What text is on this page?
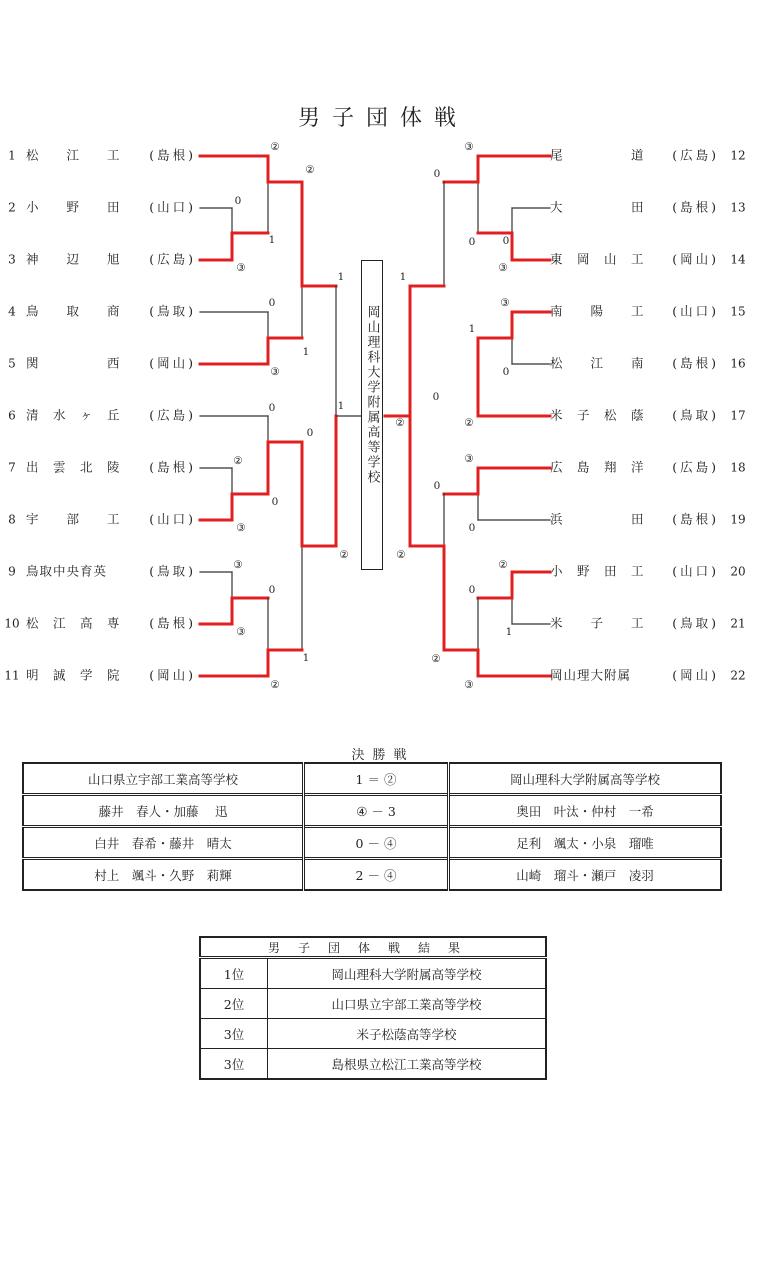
男子団体戦
1 松　　江　　工 (島根)
2 小　　野　　田 (山口)
3 神　　辺　　旭 (広島)
4 鳥　　取　　商 (鳥取)
5 関　　　　　西 (岡山)
6 清　水　ヶ　丘 (広島)
7 出　雲　北　陵 (島根)
8 宇　　部　　工 (山口)
9 鳥取中央育英	(鳥取)
10 松　江　高　専 (島根)
11 明　誠　学　院 (岡山)
尾　　　　　道 (広島) 12
大　　　　　田 (島根) 13
東　岡　山　工 (岡山) 14
南　　陽　　工 (山口) 15
松　　江　　南 (島根) 16
米　子　松　蔭 (鳥取) 17
広　島　翔　洋 (広島) 18
浜　　　　　田 (島根) 19
小　野　田　工 (山口) 20
米　　子　　工 (鳥取) 21
岡山理大附属	(岡山) 22
②
0
1
③
②
0
1
③
1
1
0
③
②
0
0
③
0
②
③
②
1
1
②
②
0
③
0
0
③
1
③
0
0
②
0
③
②
1
0
0
②
③
岡山理科大学附属高等学校
決勝戦
山口県立宇部工業高等学校	1 ＝ ②	岡山理科大学附属高等学校
藤井　春人・加藤　 迅	④ － 3	奥田　叶汰・仲村　一希
白井　春希・藤井　晴太	0 － ④	足利　颯太・小泉　瑠唯
村上　颯斗・久野　莉輝	2 － ④	山崎　瑠斗・瀬戸　凌羽
男子団体戦結果	
1位	岡山理科大学附属高等学校
2位	山口県立宇部工業高等学校
3位	米子松蔭高等学校
3位	島根県立松江工業高等学校
